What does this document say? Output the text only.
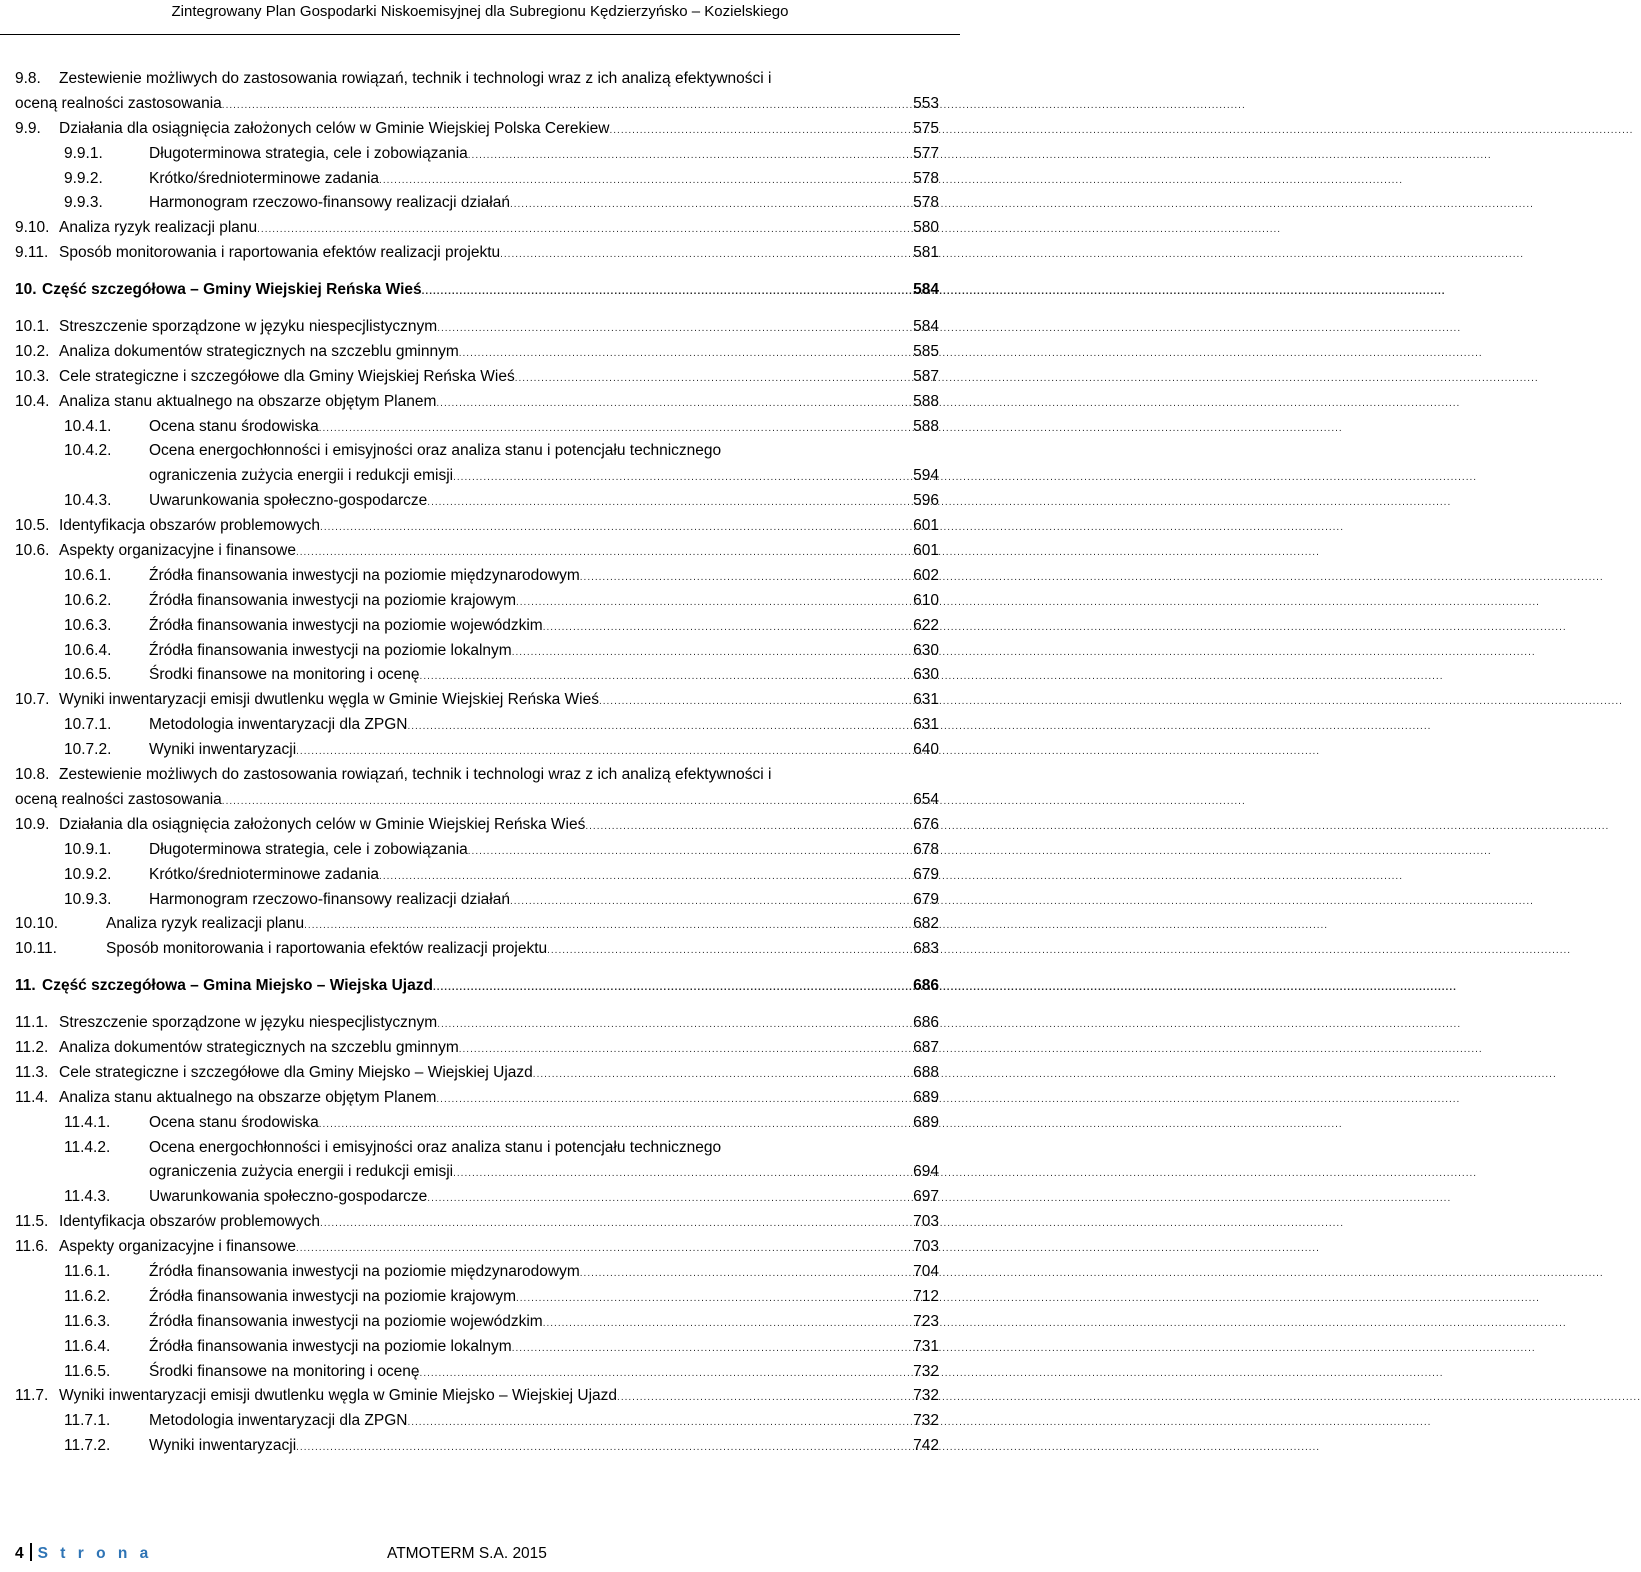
Zintegrowany Plan Gospodarki Niskoemisyjnej dla Subregionu Kędzierzyńsko – Kozielskiego
9.8.	Zestewienie możliwych do zastosowania rowiązań, technik i technologi wraz z ich analizą efektywności i
oceną realności zastosowania .....	553
9.9.	Działania dla osiągnięcia założonych celów w Gminie Wiejskiej Polska Cerekiew .....	575
9.9.1.	Długoterminowa strategia, cele i zobowiązania .....	577
9.9.2.	Krótko/średnioterminowe zadania .....	578
9.9.3.	Harmonogram rzeczowo-finansowy realizacji działań .....	578
9.10. Analiza ryzyk realizacji planu .....	580
9.11. Sposób monitorowania i raportowania efektów realizacji projektu .....	581
10. Część szczegółowa – Gminy Wiejskiej Reńska Wieś .....	584
10.1. Streszczenie sporządzone w języku niespecjlistycznym .....	584
10.2. Analiza dokumentów strategicznych na szczeblu gminnym .....	585
10.3. Cele strategiczne i szczegółowe dla Gminy Wiejskiej Reńska Wieś .....	587
10.4. Analiza stanu aktualnego na obszarze objętym Planem .....	588
10.4.1.	Ocena stanu środowiska .....	588
10.4.2.	Ocena energochłonności i emisyjności oraz analiza stanu i potencjału technicznego
ograniczenia zużycia energii i redukcji emisji .....	594
10.4.3.	Uwarunkowania społeczno-gospodarcze .....	596
10.5. Identyfikacja obszarów problemowych .....	601
10.6. Aspekty organizacyjne i finansowe .....	601
10.6.1.	Źródła finansowania inwestycji na poziomie międzynarodowym .....	602
10.6.2.	Źródła finansowania inwestycji na poziomie krajowym .....	610
10.6.3.	Źródła finansowania inwestycji na poziomie wojewódzkim .....	622
10.6.4.	Źródła finansowania inwestycji na poziomie lokalnym .....	630
10.6.5.	Środki finansowe na monitoring i ocenę .....	630
10.7. Wyniki inwentaryzacji emisji dwutlenku węgla w Gminie Wiejskiej Reńska Wieś .....	631
10.7.1.	Metodologia inwentaryzacji dla ZPGN .....	631
10.7.2.	Wyniki inwentaryzacji .....	640
10.8. Zestewienie możliwych do zastosowania rowiązań, technik i technologi wraz z ich analizą efektywności i
oceną realności zastosowania .....	654
10.9. Działania dla osiągnięcia założonych celów w Gminie Wiejskiej Reńska Wieś .....	676
10.9.1.	Długoterminowa strategia, cele i zobowiązania .....	678
10.9.2.	Krótko/średnioterminowe zadania .....	679
10.9.3.	Harmonogram rzeczowo-finansowy realizacji działań .....	679
10.10.	Analiza ryzyk realizacji planu .....	682
10.11.	Sposób monitorowania i raportowania efektów realizacji projektu .....	683
11. Część szczegółowa – Gmina Miejsko – Wiejska Ujazd .....	686
11.1. Streszczenie sporządzone w języku niespecjlistycznym .....	686
11.2. Analiza dokumentów strategicznych na szczeblu gminnym .....	687
11.3. Cele strategiczne i szczegółowe dla Gminy Miejsko – Wiejskiej Ujazd .....	688
11.4. Analiza stanu aktualnego na obszarze objętym Planem .....	689
11.4.1.	Ocena stanu środowiska .....	689
11.4.2.	Ocena energochłonności i emisyjności oraz analiza stanu i potencjału technicznego
ograniczenia zużycia energii i redukcji emisji .....	694
11.4.3.	Uwarunkowania społeczno-gospodarcze .....	697
11.5. Identyfikacja obszarów problemowych .....	703
11.6. Aspekty organizacyjne i finansowe .....	703
11.6.1.	Źródła finansowania inwestycji na poziomie międzynarodowym .....	704
11.6.2.	Źródła finansowania inwestycji na poziomie krajowym .....	712
11.6.3.	Źródła finansowania inwestycji na poziomie wojewódzkim .....	723
11.6.4.	Źródła finansowania inwestycji na poziomie lokalnym .....	731
11.6.5.	Środki finansowe na monitoring i ocenę .....	732
11.7. Wyniki inwentaryzacji emisji dwutlenku węgla w Gminie Miejsko – Wiejskiej Ujazd .....	732
11.7.1.	Metodologia inwentaryzacji dla ZPGN .....	732
11.7.2.	Wyniki inwentaryzacji .....	742
4 S t r o n a	ATMOTERM S.A. 2015
